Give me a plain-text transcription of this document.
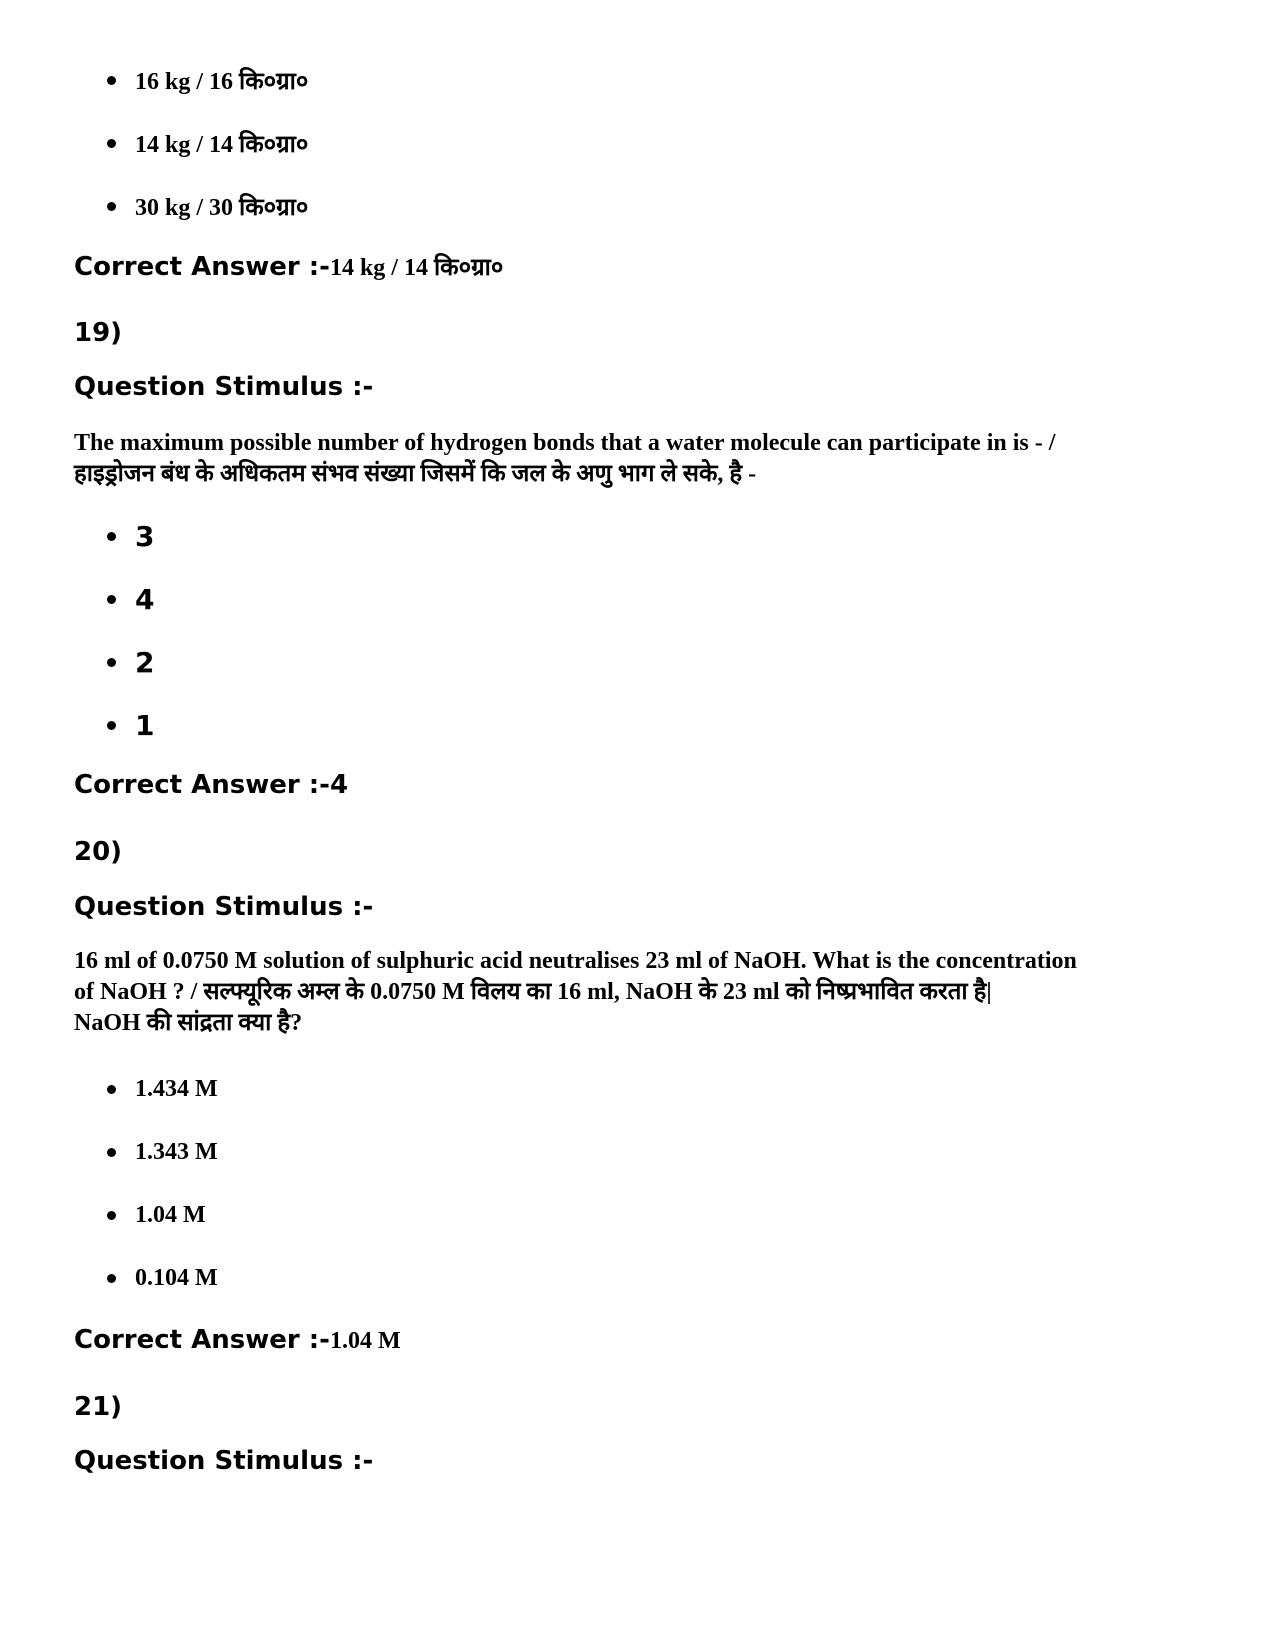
16 kg / 16 कि०ग्रा०
14 kg / 14 कि०ग्रा०
30 kg / 30 कि०ग्रा०
Correct Answer :-14 kg / 14 कि०ग्रा०
19)
Question Stimulus :-
The maximum possible number of hydrogen bonds that a water molecule can participate in is - /
हाइड्रोजन बंध के अधिकतम संभव संख्या जिसमें कि जल के अणु भाग ले सके, है -
3
4
2
1
Correct Answer :-4
20)
Question Stimulus :-
16 ml of 0.0750 M solution of sulphuric acid neutralises 23 ml of NaOH. What is the concentration
of NaOH ? / सल्फ्यूरिक अम्ल के 0.0750 M विलय का 16 ml, NaOH के 23 ml को निष्प्रभावित करता है|
NaOH की सांद्रता क्या है?
1.434 M
1.343 M
1.04 M
0.104 M
Correct Answer :-1.04 M
21)
Question Stimulus :-
